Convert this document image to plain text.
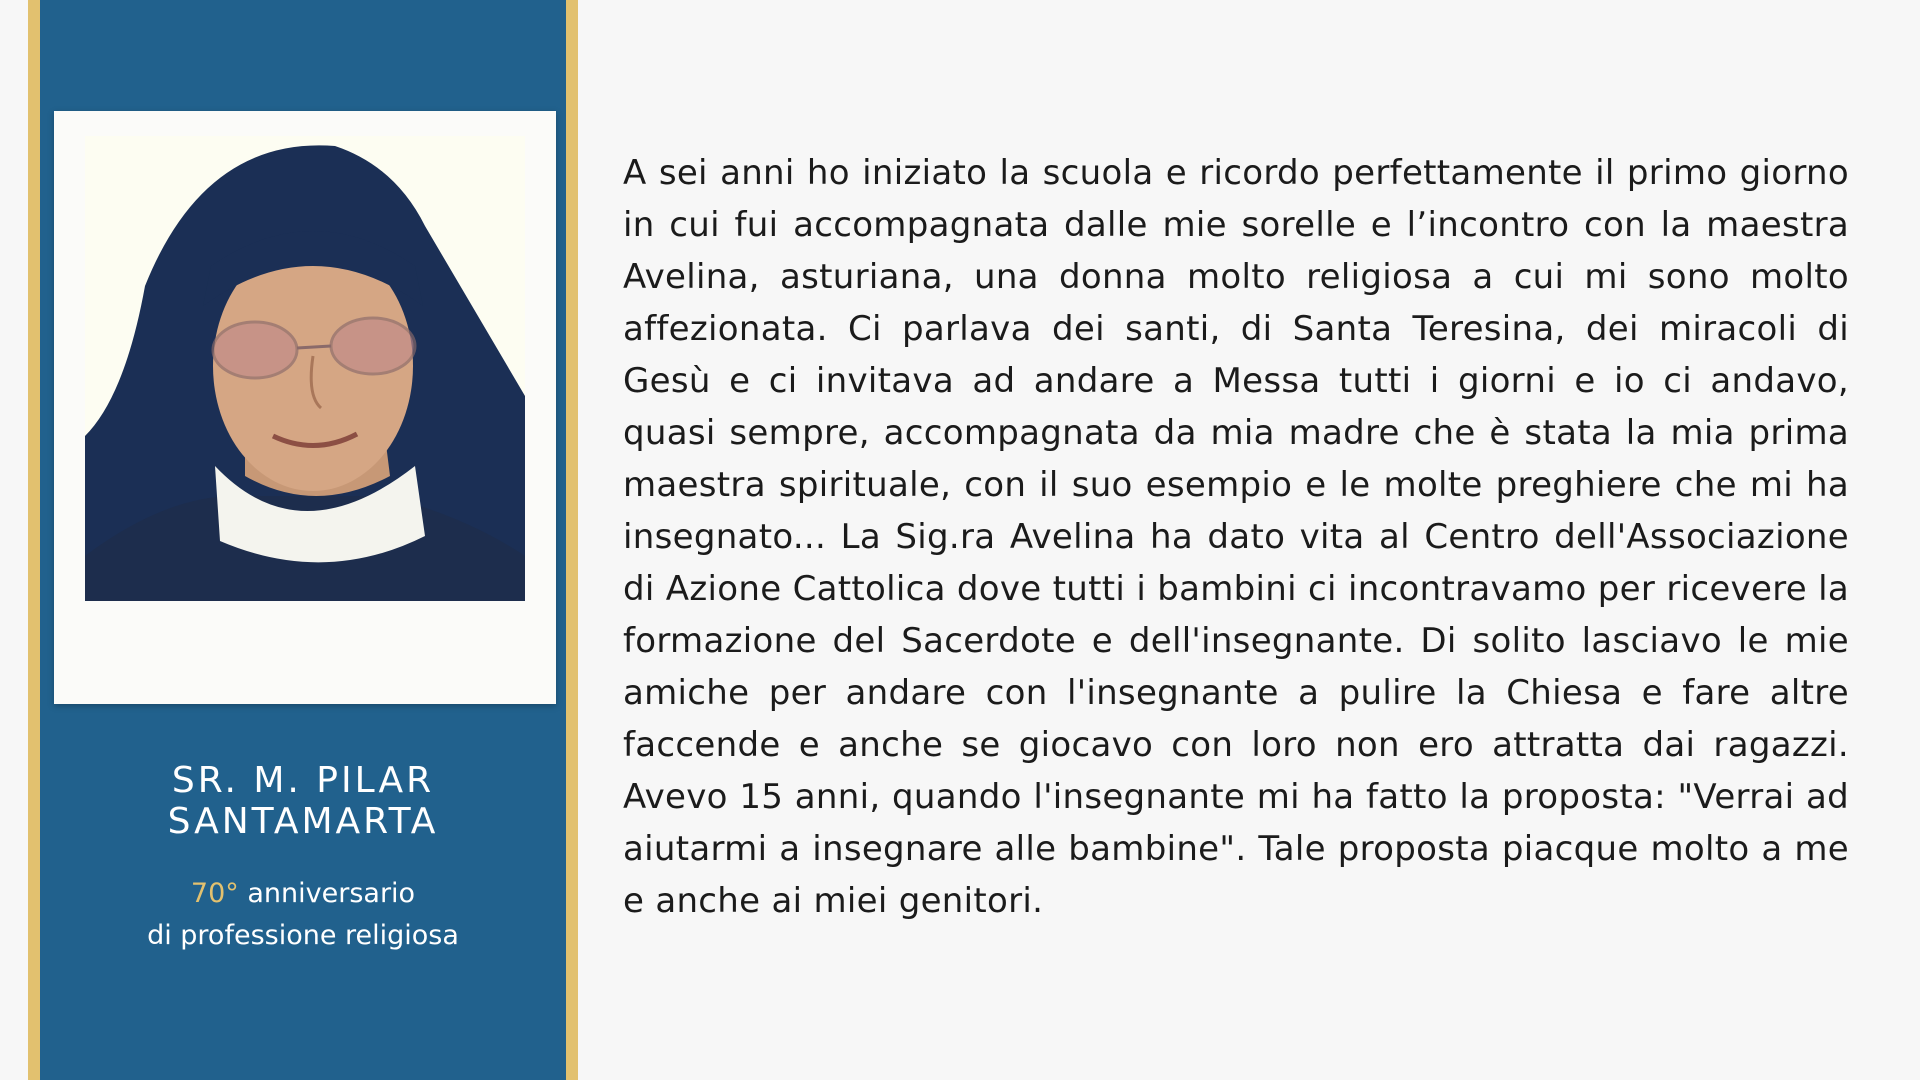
SR. M. PILAR SANTAMARTA
70° anniversario
di professione religiosa
A sei anni ho iniziato la scuola e ricordo perfettamente il primo giorno in cui fui accompagnata dalle mie sorelle e l’incontro con la maestra Avelina, asturiana, una donna molto religiosa a cui mi sono molto affezionata. Ci parlava dei santi, di Santa Teresina, dei miracoli di Gesù e ci invitava ad andare a Messa tutti i giorni e io ci andavo, quasi sempre, accompagnata da mia madre che è stata la mia prima maestra spirituale, con il suo esempio e le molte preghiere che mi ha insegnato... La Sig.ra Avelina ha dato vita al Centro dell'Associazione di Azione Cattolica dove tutti i bambini ci incontravamo per ricevere la formazione del Sacerdote e dell'insegnante. Di solito lasciavo le mie amiche per andare con l'insegnante a pulire la Chiesa e fare altre faccende e anche se giocavo con loro non ero attratta dai ragazzi. Avevo 15 anni, quando l'insegnante mi ha fatto la proposta: "Verrai ad aiutarmi a insegnare alle bambine". Tale proposta piacque molto a me e anche ai miei genitori.
